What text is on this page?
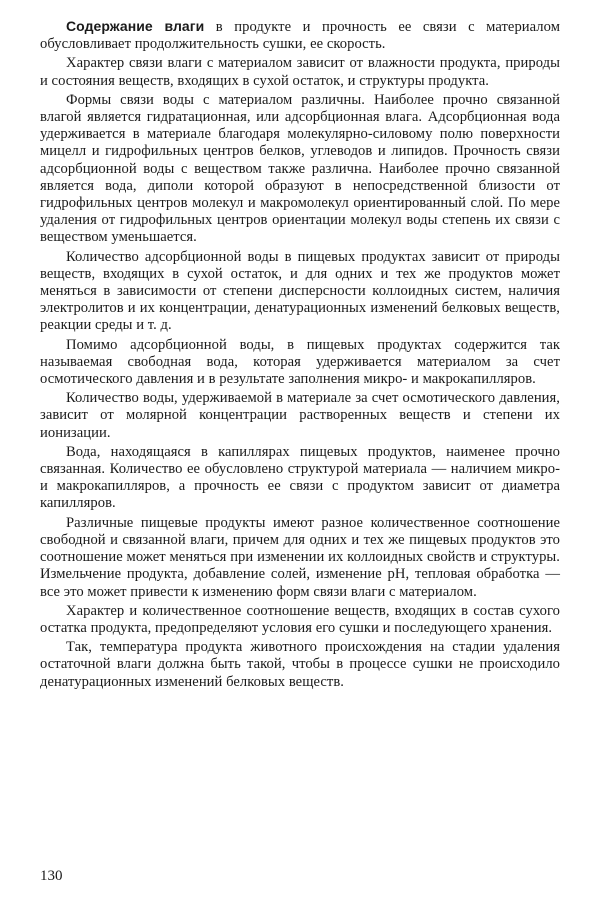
Содержание влаги в продукте и прочность ее связи с материалом обусловливает продолжительность сушки, ее скорость.

Характер связи влаги с материалом зависит от влажности продукта, природы и состояния веществ, входящих в сухой остаток, и структуры продукта.

Формы связи воды с материалом различны. Наиболее прочно связанной влагой является гидратационная, или адсорбционная влага. Адсорбционная вода удерживается в материале благодаря молекулярно-силовому полю поверхности мицелл и гидрофильных центров белков, углеводов и липидов. Прочность связи адсорбционной воды с веществом также различна. Наиболее прочно связанной является вода, диполи которой образуют в непосредственной близости от гидрофильных центров молекул и макромолекул ориентированный слой. По мере удаления от гидрофильных центров ориентации молекул воды степень их связи с веществом уменьшается.

Количество адсорбционной воды в пищевых продуктах зависит от природы веществ, входящих в сухой остаток, и для одних и тех же продуктов может меняться в зависимости от степени дисперсности коллоидных систем, наличия электролитов и их концентрации, денатурационных изменений белковых веществ, реакции среды и т. д.

Помимо адсорбционной воды, в пищевых продуктах содержится так называемая свободная вода, которая удерживается материалом за счет осмотического давления и в результате заполнения микро- и макрокапилляров.

Количество воды, удерживаемой в материале за счет осмотического давления, зависит от молярной концентрации растворенных веществ и степени их ионизации.

Вода, находящаяся в капиллярах пищевых продуктов, наименее прочно связанная. Количество ее обусловлено структурой материала — наличием микро- и макрокапилляров, а прочность ее связи с продуктом зависит от диаметра капилляров.

Различные пищевые продукты имеют разное количественное соотношение свободной и связанной влаги, причем для одних и тех же пищевых продуктов это соотношение может меняться при изменении их коллоидных свойств и структуры. Измельчение продукта, добавление солей, изменение pH, тепловая обработка — все это может привести к изменению форм связи влаги с материалом.

Характер и количественное соотношение веществ, входящих в состав сухого остатка продукта, предопределяют условия его сушки и последующего хранения.

Так, температура продукта животного происхождения на стадии удаления остаточной влаги должна быть такой, чтобы в процессе сушки не происходило денатурационных изменений белковых веществ.

130
